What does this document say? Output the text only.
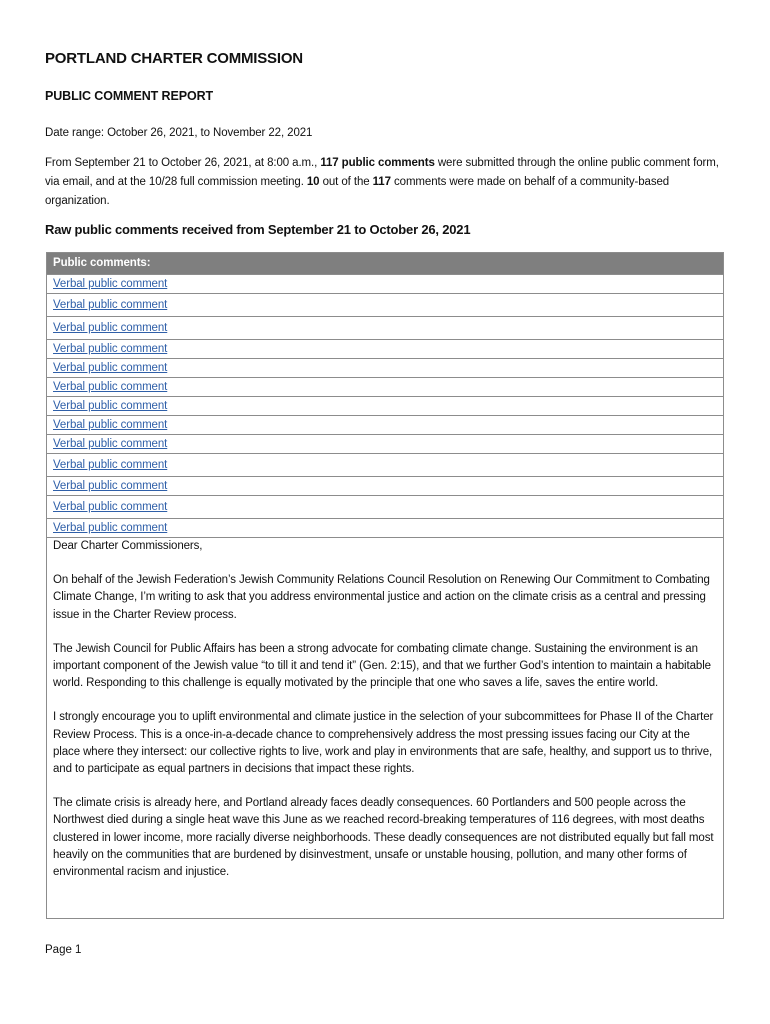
PORTLAND CHARTER COMMISSION
PUBLIC COMMENT REPORT
Date range: October 26, 2021, to November 22, 2021
From September 21 to October 26, 2021, at 8:00 a.m., 117 public comments were submitted through the online public comment form, via email, and at the 10/28 full commission meeting. 10 out of the 117 comments were made on behalf of a community-based organization.
Raw public comments received from September 21 to October 26, 2021
Public comments:
Verbal public comment
Verbal public comment
Verbal public comment
Verbal public comment
Verbal public comment
Verbal public comment
Verbal public comment
Verbal public comment
Verbal public comment
Verbal public comment
Verbal public comment
Verbal public comment
Verbal public comment

Dear Charter Commissioners,

On behalf of the Jewish Federation’s Jewish Community Relations Council Resolution on Renewing Our Commitment to Combating Climate Change, I’m writing to ask that you address environmental justice and action on the climate crisis as a central and pressing issue in the Charter Review process.

The Jewish Council for Public Affairs has been a strong advocate for combating climate change. Sustaining the environment is an important component of the Jewish value “to till it and tend it” (Gen. 2:15), and that we further God’s intention to maintain a habitable world. Responding to this challenge is equally motivated by the principle that one who saves a life, saves the entire world.

I strongly encourage you to uplift environmental and climate justice in the selection of your subcommittees for Phase II of the Charter Review Process. This is a once-in-a-decade chance to comprehensively address the most pressing issues facing our City at the place where they intersect: our collective rights to live, work and play in environments that are safe, healthy, and support us to thrive, and to participate as equal partners in decisions that impact these rights.

The climate crisis is already here, and Portland already faces deadly consequences. 60 Portlanders and 500 people across the Northwest died during a single heat wave this June as we reached record-breaking temperatures of 116 degrees, with most deaths clustered in lower income, more racially diverse neighborhoods. These deadly consequences are not distributed equally but fall most heavily on the communities that are burdened by disinvestment, unsafe or unstable housing, pollution, and many other forms of environmental racism and injustice.

Page 1
